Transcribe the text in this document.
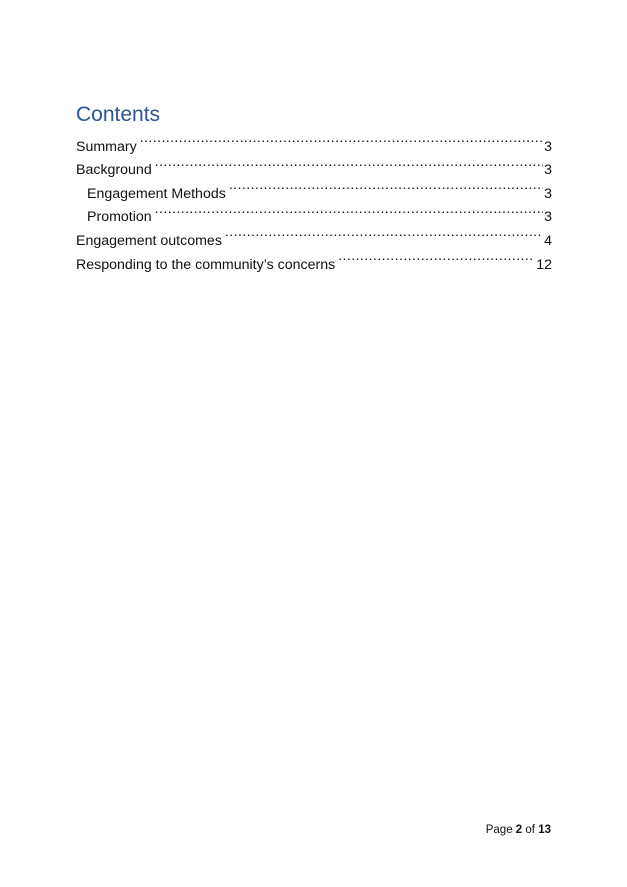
Contents
Summary .....	3
Background .....	3
Engagement Methods .....	3
Promotion .....	3
Engagement outcomes .....	4
Responding to the community’s concerns .....	12
Page 2 of 13
